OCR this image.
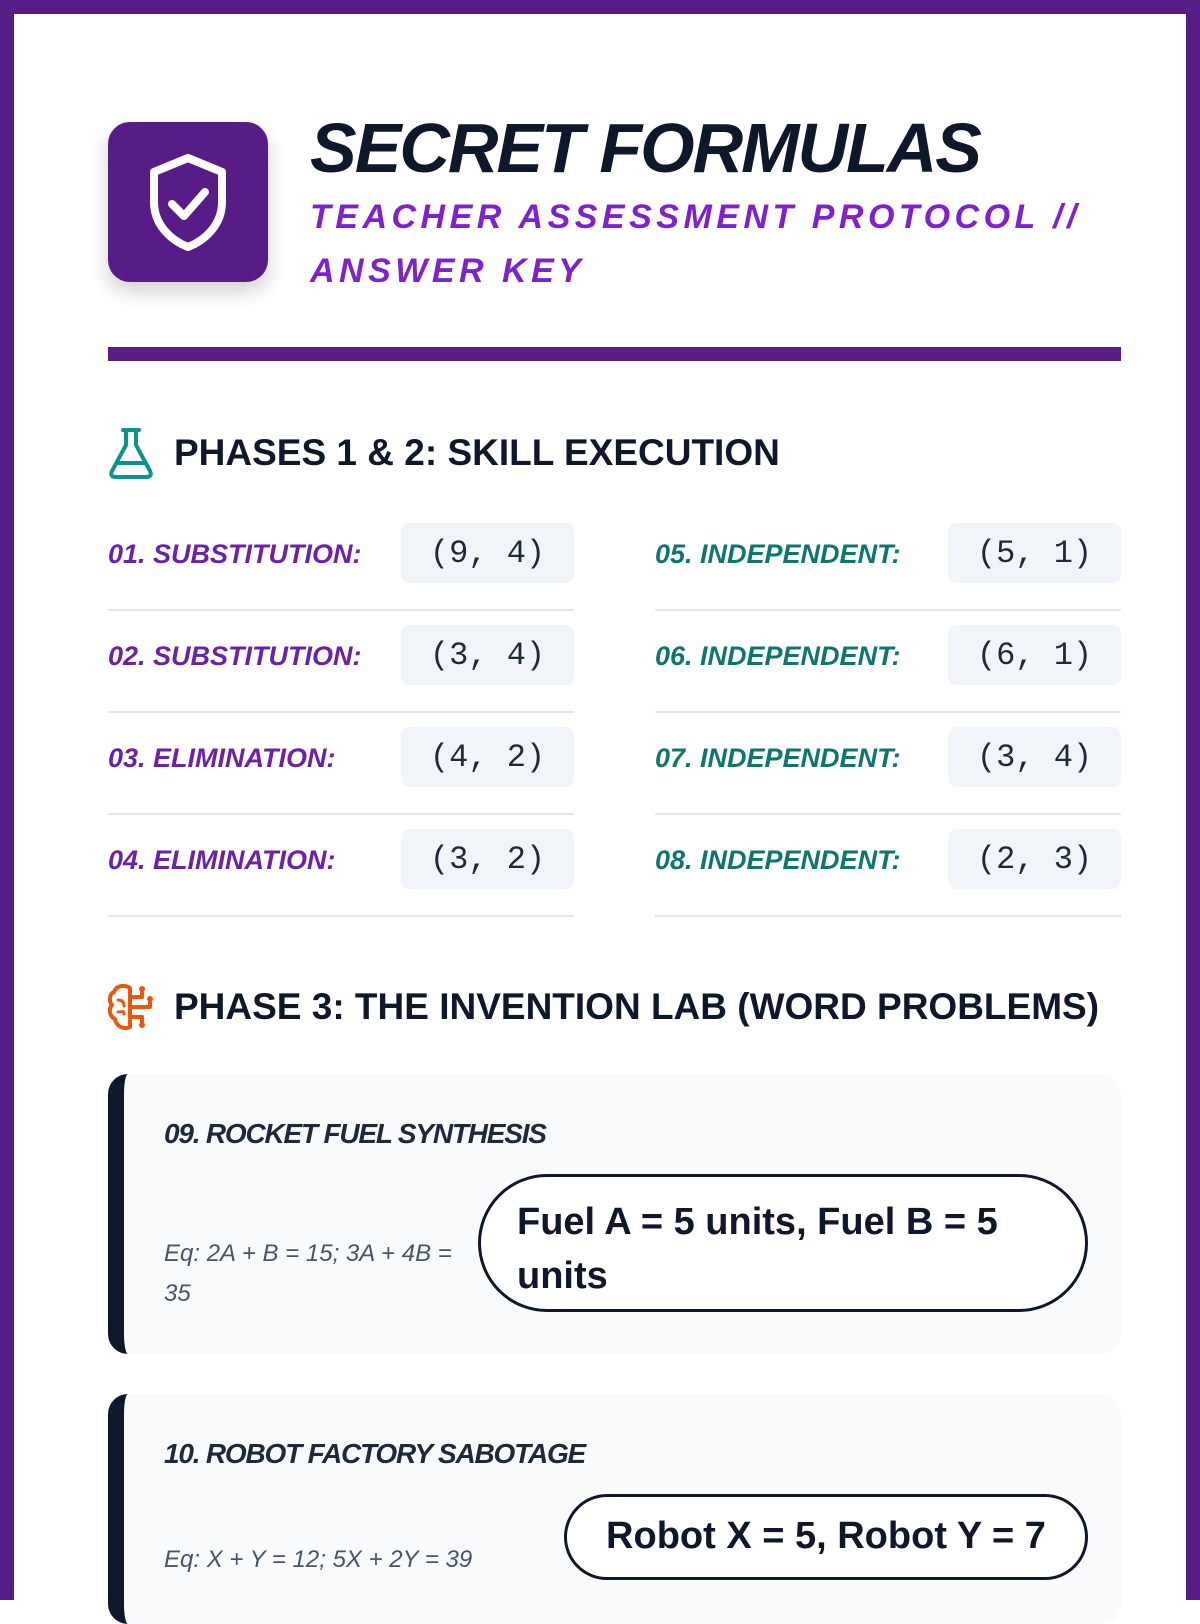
SECRET FORMULAS
TEACHER ASSESSMENT PROTOCOL // ANSWER KEY
PHASES 1 & 2: SKILL EXECUTION
01. SUBSTITUTION:	(9, 4)
02. SUBSTITUTION:	(3, 4)
03. ELIMINATION:	(4, 2)
04. ELIMINATION:	(3, 2)
05. INDEPENDENT:	(5, 1)
06. INDEPENDENT:	(6, 1)
07. INDEPENDENT:	(3, 4)
08. INDEPENDENT:	(2, 3)
PHASE 3: THE INVENTION LAB (WORD PROBLEMS)
09. ROCKET FUEL SYNTHESIS
Eq: 2A + B = 15; 3A + 4B = 35
Fuel A = 5 units, Fuel B = 5 units
10. ROBOT FACTORY SABOTAGE
Eq: X + Y = 12; 5X + 2Y = 39
Robot X = 5, Robot Y = 7
